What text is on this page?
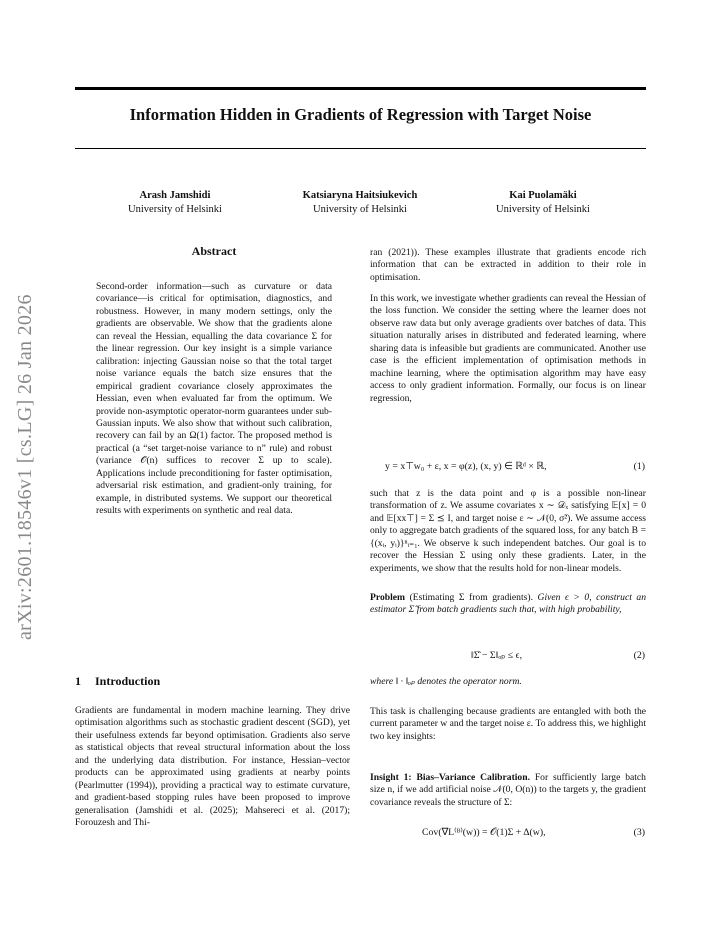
Information Hidden in Gradients of Regression with Target Noise
Arash Jamshidi
University of Helsinki
Katsiaryna Haitsiukevich
University of Helsinki
Kai Puolamäki
University of Helsinki
arXiv:2601.18546v1 [cs.LG] 26 Jan 2026
Abstract

Second-order information—such as curvature or data covariance—is critical for optimisation, diagnostics, and robustness. However, in many modern settings, only the gradients are observable. We show that the gradients alone can reveal the Hessian, equalling the data covariance Σ for the linear regression. Our key insight is a simple variance calibration: injecting Gaussian noise so that the total target noise variance equals the batch size ensures that the empirical gradient covariance closely approximates the Hessian, even when evaluated far from the optimum. We provide non-asymptotic operator-norm guarantees under sub-Gaussian inputs. We also show that without such calibration, recovery can fail by an Ω(1) factor. The proposed method is practical (a “set target-noise variance to n” rule) and robust (variance 𝒪(n) suffices to recover Σ up to scale). Applications include preconditioning for faster optimisation, adversarial risk estimation, and gradient-only training, for example, in distributed systems. We support our theoretical results with experiments on synthetic and real data.

1 Introduction

Gradients are fundamental in modern machine learning. They drive optimisation algorithms such as stochastic gradient descent (SGD), yet their usefulness extends far beyond optimisation. Gradients also serve as statistical objects that reveal structural information about the loss and the underlying data distribution. For instance, Hessian–vector products can be approximated using gradients at nearby points (Pearlmutter (1994)), providing a practical way to estimate curvature, and gradient-based stopping rules have been proposed to improve generalisation (Jamshidi et al. (2025); Mahsereci et al. (2017); Forouzesh and Thi-

ran (2021)). These examples illustrate that gradients encode rich information that can be extracted in addition to their role in optimisation.

In this work, we investigate whether gradients can reveal the Hessian of the loss function. We consider the setting where the learner does not observe raw data but only average gradients over batches of data. This situation naturally arises in distributed and federated learning, where sharing data is infeasible but gradients are communicated. Another use case is the efficient implementation of optimisation methods in machine learning, where the optimisation algorithm may have easy access to only gradient information. Formally, our focus is on linear regression,

y = x⊤w₀ + ε, x = φ(z), (x, y) ∈ ℝᵈ × ℝ,	(1)

such that z is the data point and φ is a possible non-linear transformation of z. We assume covariates x ∼ 𝒟ₓ satisfying 𝔼[x] = 0 and 𝔼[xx⊤] = Σ ⪯ I, and target noise ε ∼ 𝒩(0, σ̃²). We assume access only to aggregate batch gradients of the squared loss, for any batch B = {(xᵢ, yᵢ)}ⁿᵢ₌₁. We observe k such independent batches. Our goal is to recover the Hessian Σ using only these gradients. Later, in the experiments, we show that the results hold for non-linear models.

Problem (Estimating Σ from gradients). Given ϵ > 0, construct an estimator Σ̂ from batch gradients such that, with high probability,

‖Σ̂ − Σ‖ₒₚ ≤ ϵ,	(2)

where ‖ · ‖ₒₚ denotes the operator norm.

This task is challenging because gradients are entangled with both the current parameter w and the target noise ε. To address this, we highlight two key insights:

Insight 1: Bias–Variance Calibration. For sufficiently large batch size n, if we add artificial noise 𝒩(0, O(n)) to the targets y, the gradient covariance reveals the structure of Σ:

Cov(∇L⁽ᴮ⁾(w)) = 𝒪(1)Σ + Δ(w),	(3)
